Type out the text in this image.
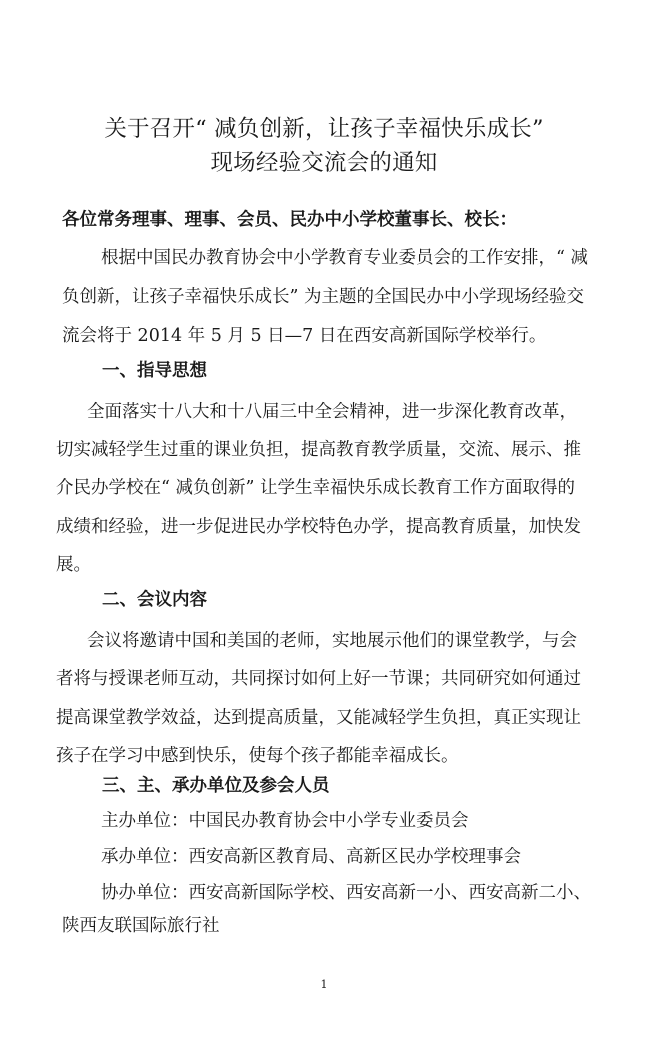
关于召开“ 减负创新，让孩子幸福快乐成长”
现场经验交流会的通知
各位常务理事、理事、会员、民办中小学校董事长、校长：
根据中国民办教育协会中小学教育专业委员会的工作安排，“ 减
负创新，让孩子幸福快乐成长” 为主题的全国民办中小学现场经验交
流会将于 2014 年 5 月 5 日—7 日在西安高新国际学校举行。
一、指导思想
全面落实十八大和十八届三中全会精神，进一步深化教育改革，
切实减轻学生过重的课业负担，提高教育教学质量，交流、展示、推
介民办学校在“ 减负创新” 让学生幸福快乐成长教育工作方面取得的
成绩和经验，进一步促进民办学校特色办学，提高教育质量，加快发
展。
二、会议内容
会议将邀请中国和美国的老师，实地展示他们的课堂教学，与会
者将与授课老师互动，共同探讨如何上好一节课；共同研究如何通过
提高课堂教学效益，达到提高质量，又能减轻学生负担，真正实现让
孩子在学习中感到快乐，使每个孩子都能幸福成长。
三、主、承办单位及参会人员
主办单位：中国民办教育协会中小学专业委员会
承办单位：西安高新区教育局、高新区民办学校理事会
协办单位：西安高新国际学校、西安高新一小、西安高新二小、
陕西友联国际旅行社
1
